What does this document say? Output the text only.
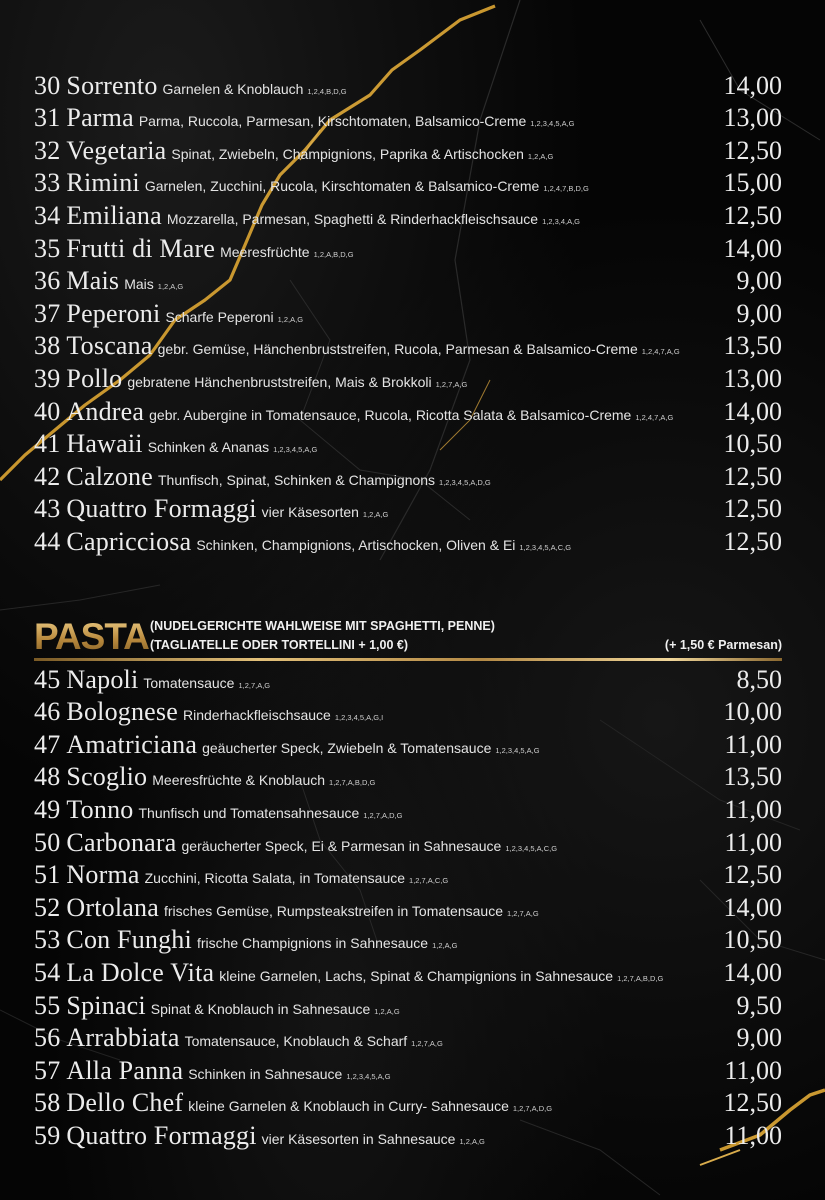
30 Sorrento Garnelen & Knoblauch 1,2,4,B,D,G	14,00
31 Parma Parma, Ruccola, Parmesan, Kirschtomaten, Balsamico-Creme 1,2,3,4,5,A,G	13,00
32 Vegetaria Spinat, Zwiebeln, Champignions, Paprika & Artischocken 1,2,A,G	12,50
33 Rimini Garnelen, Zucchini, Rucola, Kirschtomaten & Balsamico-Creme 1,2,4,7,B,D,G	15,00
34 Emiliana Mozzarella, Parmesan, Spaghetti & Rinderhackfleischsauce 1,2,3,4,A,G	12,50
35 Frutti di Mare Meeresfrüchte 1,2,A,B,D,G	14,00
36 Mais Mais 1,2,A,G	9,00
37 Peperoni Scharfe Peperoni 1,2,A,G	9,00
38 Toscana gebr. Gemüse, Hänchenbruststreifen, Rucola, Parmesan & Balsamico-Creme 1,2,4,7,A,G 13,50
39 Pollo gebratene Hänchenbruststreifen, Mais & Brokkoli 1,2,7,A,G	13,00
40 Andrea gebr. Aubergine in Tomatensauce, Rucola, Ricotta Salata & Balsamico-Creme 1,2,4,7,A,G 14,00
41 Hawaii Schinken & Ananas 1,2,3,4,5,A,G	10,50
42 Calzone Thunfisch, Spinat, Schinken & Champignons 1,2,3,4,5,A,D,G	12,50
43 Quattro Formaggi vier Käsesorten 1,2,A,G	12,50
44 Capricciosa Schinken, Champignions, Artischocken, Oliven & Ei 1,2,3,4,5,A,C,G	12,50
PASTA (NUDELGERICHTE WAHLWEISE MIT SPAGHETTI, PENNE)
(TAGLIATELLE ODER TORTELLINI + 1,00 €)	(+ 1,50 € Parmesan)
45 Napoli Tomatensauce 1,2,7,A,G	8,50
46 Bolognese Rinderhackfleischsauce 1,2,3,4,5,A,G,I	10,00
47 Amatriciana geäucherter Speck, Zwiebeln & Tomatensauce 1,2,3,4,5,A,G	11,00
48 Scoglio Meeresfrüchte & Knoblauch 1,2,7,A,B,D,G	13,50
49 Tonno Thunfisch und Tomatensahnesauce 1,2,7,A,D,G	11,00
50 Carbonara geräucherter Speck, Ei & Parmesan in Sahnesauce 1,2,3,4,5,A,C,G	11,00
51 Norma Zucchini, Ricotta Salata, in Tomatensauce 1,2,7,A,C,G	12,50
52 Ortolana frisches Gemüse, Rumpsteakstreifen in Tomatensauce 1,2,7,A,G	14,00
53 Con Funghi frische Champignions in Sahnesauce 1,2,A,G	10,50
54 La Dolce Vita kleine Garnelen, Lachs, Spinat & Champignions in Sahnesauce 1,2,7,A,B,D,G 14,00
55 Spinaci Spinat & Knoblauch in Sahnesauce 1,2,A,G	9,50
56 Arrabbiata Tomatensauce, Knoblauch & Scharf 1,2,7,A,G	9,00
57 Alla Panna Schinken in Sahnesauce 1,2,3,4,5,A,G	11,00
58 Dello Chef kleine Garnelen & Knoblauch in Curry- Sahnesauce 1,2,7,A,D,G	12,50
59 Quattro Formaggi vier Käsesorten in Sahnesauce 1,2,A,G	11,00
